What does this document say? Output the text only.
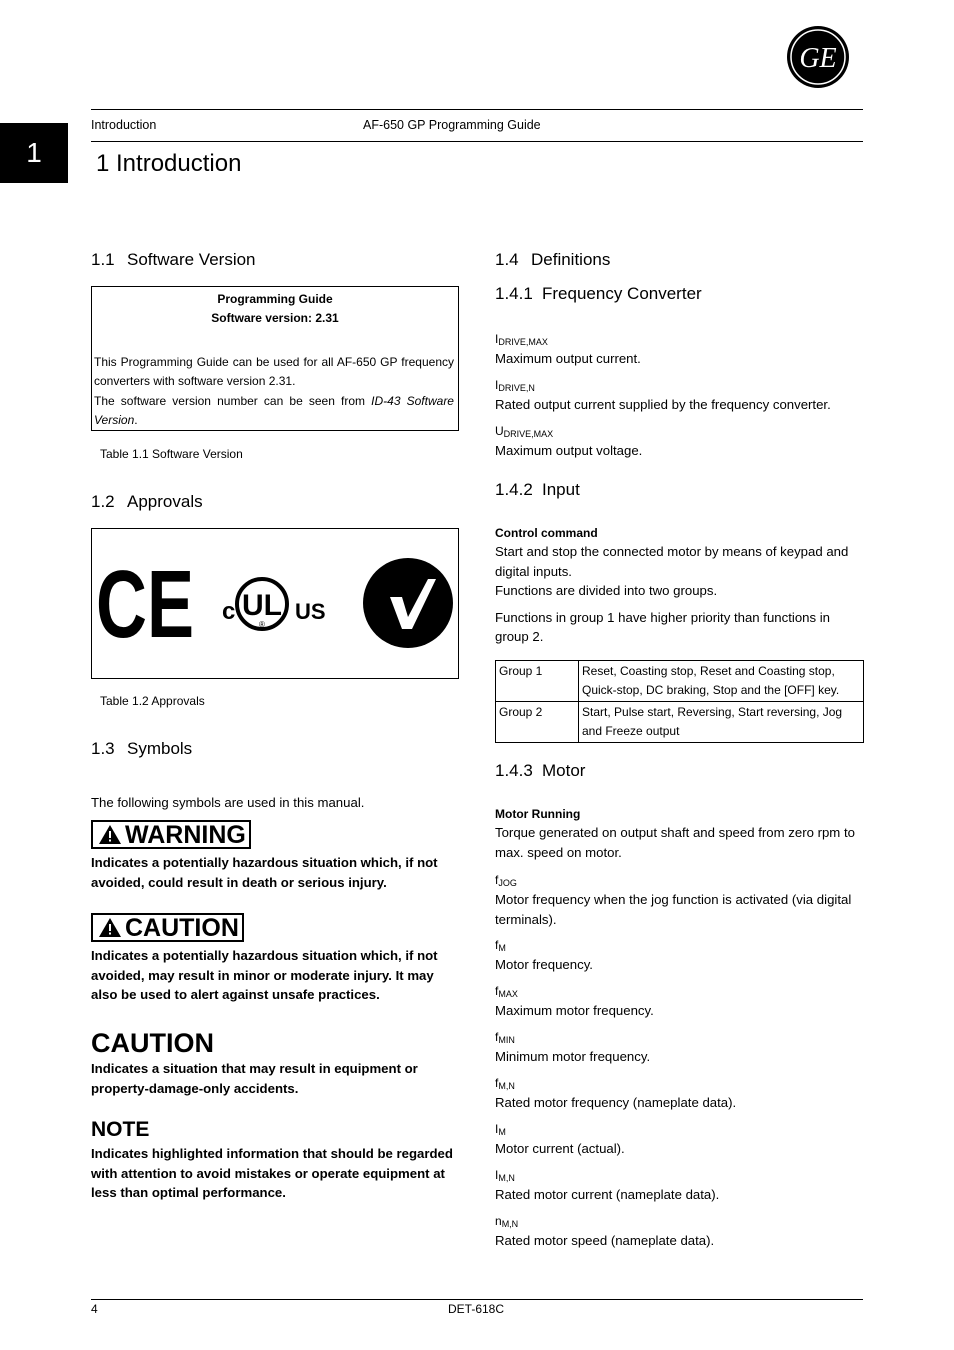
GE
Introduction	AF-650 GP Programming Guide
1	1 Introduction
1.1 Software Version
Programming Guide
Software version: 2.31
This Programming Guide can be used for all AF-650 GP frequency converters with software version 2.31.
The software version number can be seen from ID-43 Software Version.
Table 1.1 Software Version
1.2 Approvals
CE UL
®
c	US
Table 1.2 Approvals
1.3 Symbols
The following symbols are used in this manual.
WARNING
Indicates a potentially hazardous situation which, if not avoided, could result in death or serious injury.
CAUTION
Indicates a potentially hazardous situation which, if not avoided, may result in minor or moderate injury. It may also be used to alert against unsafe practices.
CAUTION
Indicates a situation that may result in equipment or property-damage-only accidents.
NOTE
Indicates highlighted information that should be regarded with attention to avoid mistakes or operate equipment at less than optimal performance.
1.4 Definitions
1.4.1 Frequency Converter
$I_{DRIVE,MAX}$
Maximum output current.
$I_{DRIVE,N}$
Rated output current supplied by the frequency converter.
$U_{DRIVE,MAX}$
Maximum output voltage.
1.4.2 Input
Control command
Start and stop the connected motor by means of keypad and digital inputs.
Functions are divided into two groups.
Functions in group 1 have higher priority than functions in group 2.
Group 1	Reset, Coasting stop, Reset and Coasting stop, Quick-stop, DC braking, Stop and the [OFF] key.
Group 2	Start, Pulse start, Reversing, Start reversing, Jog and Freeze output
1.4.3 Motor
Motor Running
Torque generated on output shaft and speed from zero rpm to max. speed on motor.
$f_{JOG}$
Motor frequency when the jog function is activated (via digital terminals).
$f_M$
Motor frequency.
$f_{MAX}$
Maximum motor frequency.
$f_{MIN}$
Minimum motor frequency.
$f_{M,N}$
Rated motor frequency (nameplate data).
$I_M$
Motor current (actual).
$I_{M,N}$
Rated motor current (nameplate data).
$n_{M,N}$
Rated motor speed (nameplate data).
4	DET-618C
